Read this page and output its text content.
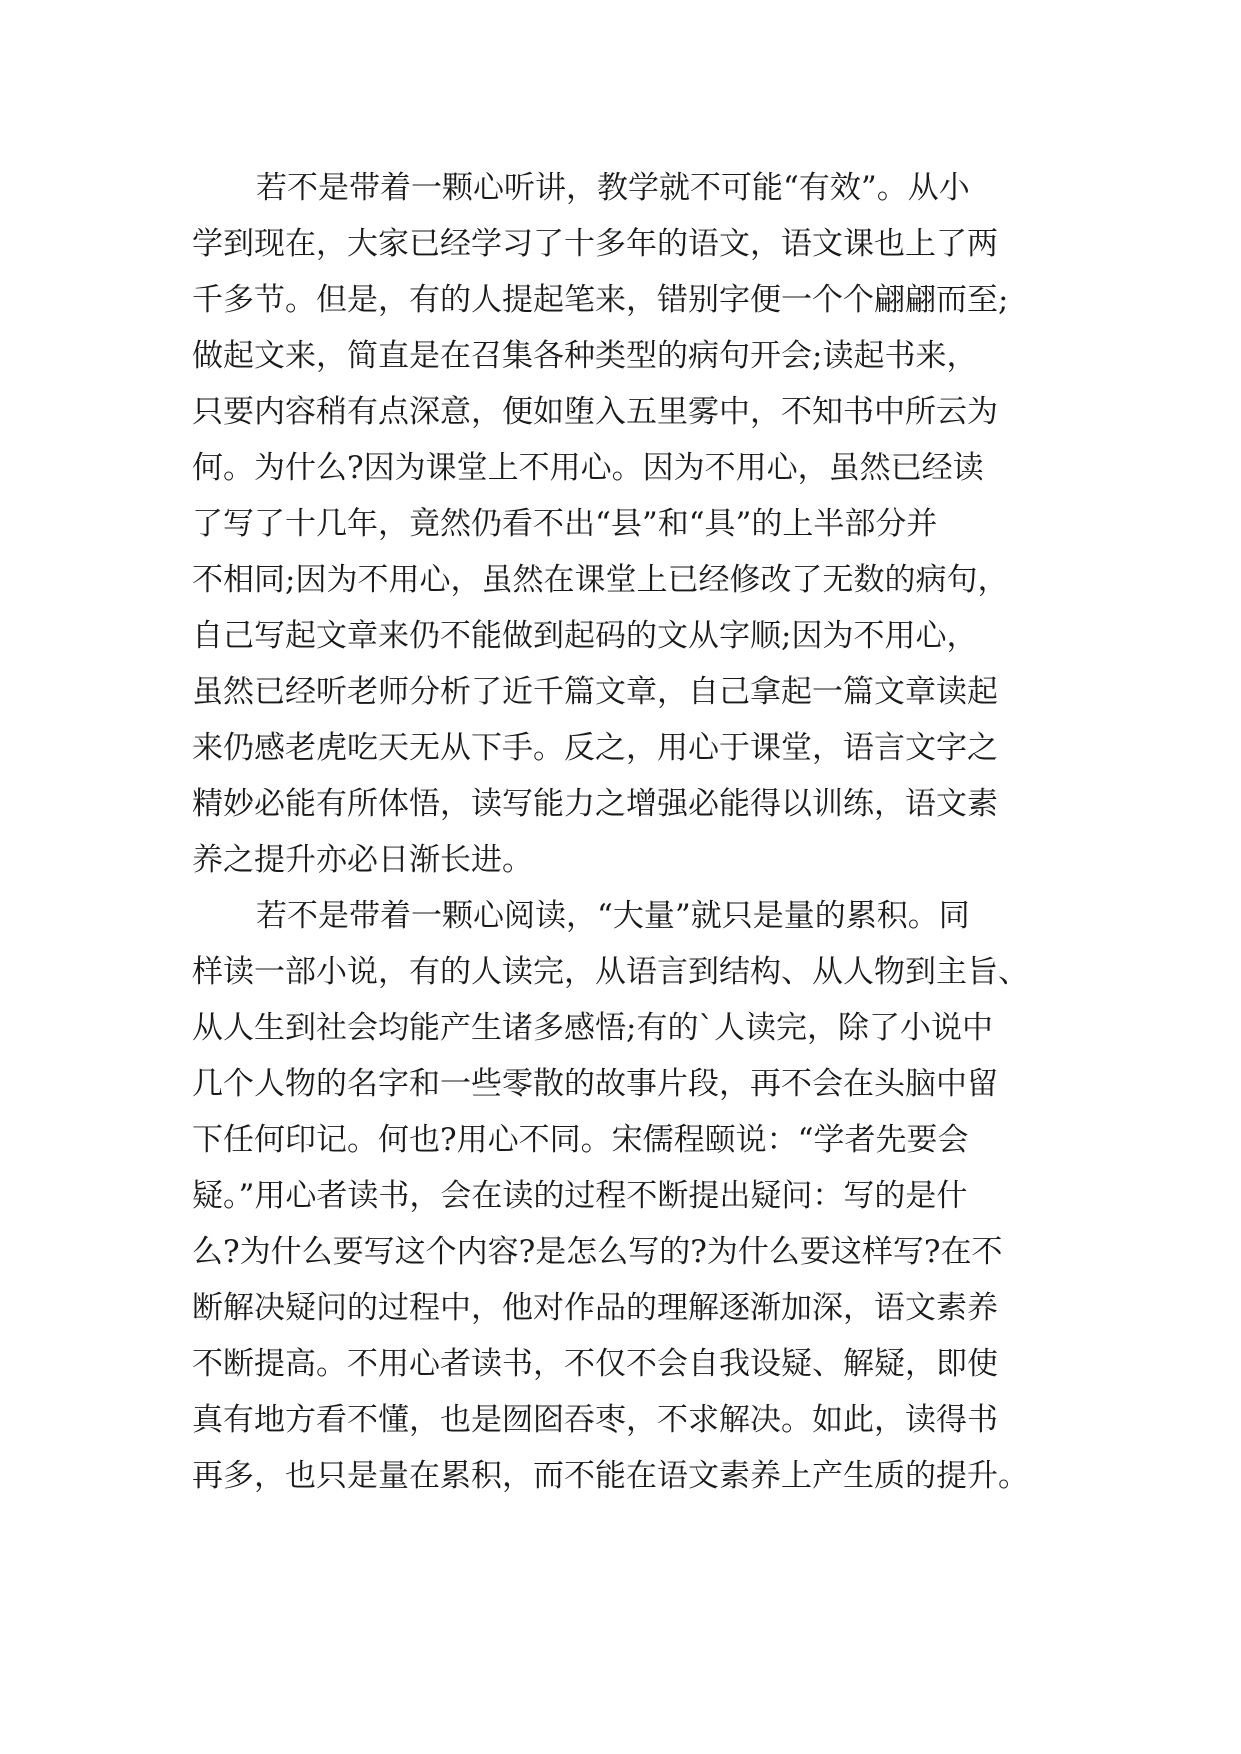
若不是带着一颗心听讲，教学就不可能“有效”。从小
学到现在，大家已经学习了十多年的语文，语文课也上了两
千多节。但是，有的人提起笔来，错别字便一个个翩翩而至;
做起文来，简直是在召集各种类型的病句开会;读起书来，
只要内容稍有点深意，便如堕入五里雾中，不知书中所云为
何。为什么?因为课堂上不用心。因为不用心，虽然已经读
了写了十几年，竟然仍看不出“县”和“具”的上半部分并
不相同;因为不用心，虽然在课堂上已经修改了无数的病句，
自己写起文章来仍不能做到起码的文从字顺;因为不用心，
虽然已经听老师分析了近千篇文章，自己拿起一篇文章读起
来仍感老虎吃天无从下手。反之，用心于课堂，语言文字之
精妙必能有所体悟，读写能力之增强必能得以训练，语文素
养之提升亦必日渐长进。
若不是带着一颗心阅读，“大量”就只是量的累积。同
样读一部小说，有的人读完，从语言到结构、从人物到主旨、
从人生到社会均能产生诸多感悟;有的`人读完，除了小说中
几个人物的名字和一些零散的故事片段，再不会在头脑中留
下任何印记。何也?用心不同。宋儒程颐说：“学者先要会
疑。”用心者读书，会在读的过程不断提出疑问：写的是什
么?为什么要写这个内容?是怎么写的?为什么要这样写?在不
断解决疑问的过程中，他对作品的理解逐渐加深，语文素养
不断提高。不用心者读书，不仅不会自我设疑、解疑，即使
真有地方看不懂，也是囫囵吞枣，不求解决。如此，读得书
再多，也只是量在累积，而不能在语文素养上产生质的提升。
